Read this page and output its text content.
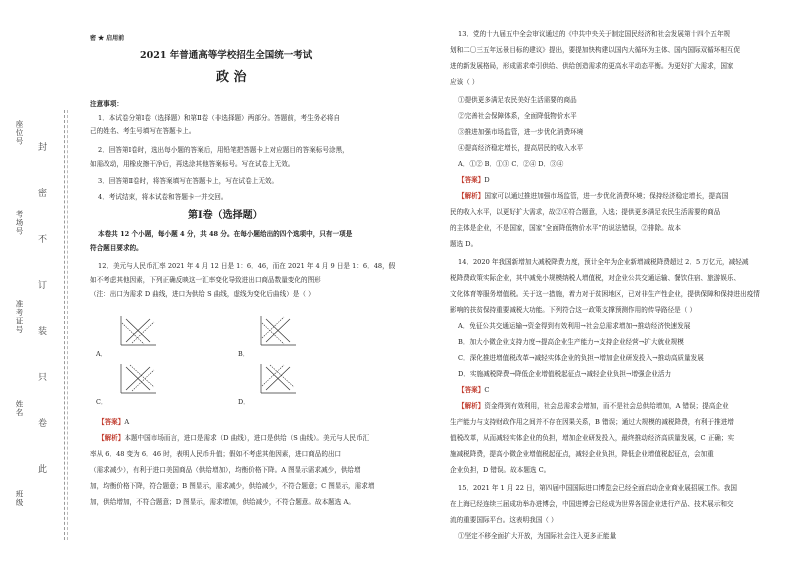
座位号
考场号
准考证号
姓名
班级
封
密
不
订
装
只
卷
此
密 ★ 启用前
2021 年普通高等学校招生全国统一考试
政 治
注意事项：
1．本试卷分第Ⅰ卷（选择题）和第Ⅱ卷（非选择题）两部分。答题前，考生务必将自
己的姓名、考生号填写在答题卡上。
2．回答第Ⅰ卷时，选出每小题的答案后，用铅笔把答题卡上对应题目的答案标号涂黑，
如需改动，用橡皮擦干净后，再选涂其他答案标号。写在试卷上无效。
3．回答第Ⅱ卷时，将答案填写在答题卡上，写在试卷上无效。
4．考试结束，将本试卷和答题卡一并交回。
第Ⅰ卷（选择题）
本卷共 12 个小题，每小题 4 分，共 48 分。在每小题给出的四个选项中，只有一项是
符合题目要求的。
12．美元与人民币汇率 2021 年 4 月 12 日是 1：6．46，而在 2021 年 4 月 9 日是 1：6．48，假
如不考虑其他因素，下列正确反映这一汇率变化导致进出口商品数量变化的图形
（注：出口为需求 D 曲线，进口为供给 S 曲线，虚线为变化后曲线）是（ ）
A．	B．
C．	D．
【答案】A
【解析】本题中国市场而言，进口是需求（D 曲线），进口是供给（S 曲线）。美元与人民币汇
率从 6．48 变为 6．46 时，表明人民币升值；假如不考虑其他因素，进口商品的出口
（需求减少），有利于进口美国商品（供给增加），均衡价格下降。A 图显示需求减少，供给增
加，均衡价格下降，符合题意；B 图显示，需求减少，供给减少，不符合题意；C 图显示，需求增
加，供给增加，不符合题意；D 图显示，需求增加，供给减少，不符合题意。故本题选 A。
13．党的十九届五中全会审议通过的《中共中央关于制定国民经济和社会发展第十四个五年规
划和二〇三五年远景目标的建议》提出，要提加快构建以国内大循环为主体、国内国际双循环相互促
进的新发展格局，形成需求牵引供给、供给创造需求的更高水平动态平衡。为更好扩大需求，国家
应该（ ）
①提供更多满足农民美好生活需要的商品
②完善社会保障体系，全面降低物价水平
③推进加强市场监管，进一步优化消费环境
④提高经济稳定增长，提高居民的收入水平
A．①② B．①③ C．②④ D．③④
【答案】D
【解析】国家可以通过推进加强市场监管，进一步优化消费环境；保持经济稳定增长，提高国
民的收入水平，以更好扩大需求，故②④符合题意，入选；提供更多满足农民生活需要的商品
的主体是企业，不是国家，国家“全面降低物价水平”的说法错误，②排除。故本
题选 D。
14．2020 年我国新增加大减税降费力度，预计全年为企业新增减税降费超过 2．5 万亿元，减轻减
税降费政策实际企业，其中减免小规模纳税人增值税，对企业公共交通运输、餐饮住宿、旅游娱乐、
文化体育等服务增值税。关于这一措施，着力对于贫困地区，已对非生产性企业，提供保障和保持进出疫情
影响的扶贫保持重要减税大功能。下列符合这一政策支撑预测作用的传导路径是（ ）
A．免征公共交通运输→资金得到有效利用→社会总需求增加→推动经济快速发展
B．加大小微企业支持力度→提高企业生产能力→支持企业经营→扩大就业规模
C．深化推进增值税改革→减轻实体企业的负担→增加企业研发投入→推动高质量发展
D．实施减税降费→降低企业增值税起征点→减轻企业负担→增强企业活力
【答案】C
【解析】资金得到有效利用，社会总需求会增加，而不是社会总供给增加，A 错误；提高企业
生产能力与支持财政作用之间并不存在因果关系，B 错误；通过大规模的减税降费，有利于推进增
值税改革，从而减轻实体企业的负担，增加企业研发投入，最终推动经济高质量发展，C 正确；实
施减税降费，提高小微企业增值税起征点，减轻企业负担，降低企业增值税起征点，会加重
企业负担，D 错误。故本题选 C。
15．2021 年 1 月 22 日，第四届中国国际进口博览会已经全面启动企业商业展招展工作。我国
在上海已经连续三届成功举办进博会，中国进博会已经成为世界各国企业进行产品、技术展示和交
流的重要国际平台。这表明我国（ ）
①坚定不移全面扩大开放，为国际社会注入更多正能量
